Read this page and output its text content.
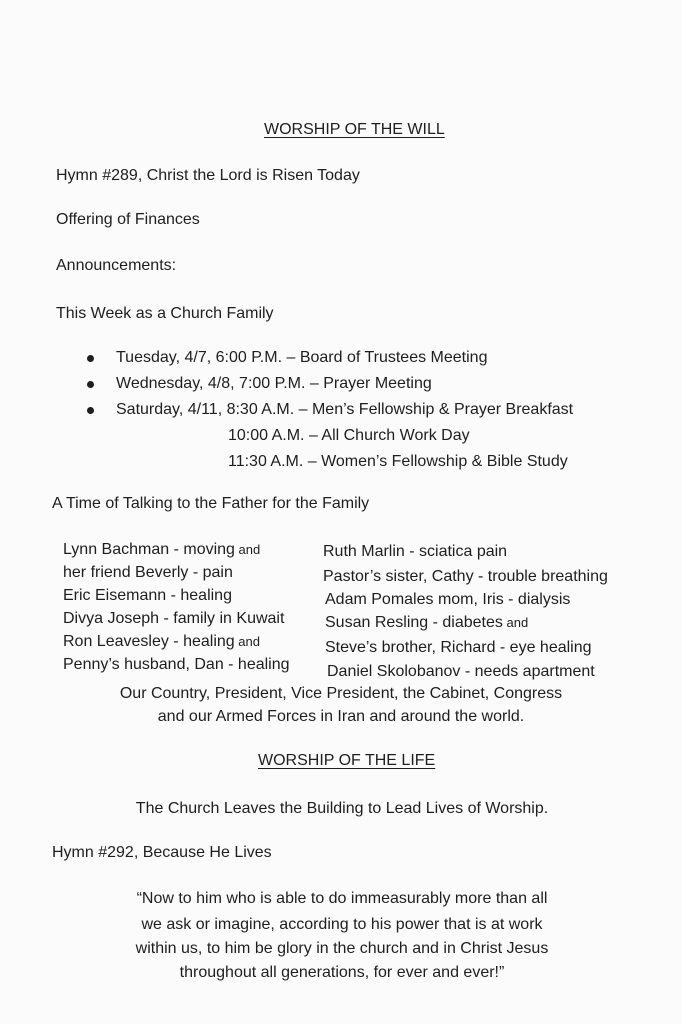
WORSHIP OF THE WILL
Hymn #289, Christ the Lord is Risen Today
Offering of Finances
Announcements:
This Week as a Church Family
Tuesday, 4/7, 6:00 P.M. – Board of Trustees Meeting
Wednesday, 4/8, 7:00 P.M. – Prayer Meeting
Saturday, 4/11, 8:30 A.M. – Men’s Fellowship & Prayer Breakfast
10:00 A.M. – All Church Work Day
11:30 A.M. – Women’s Fellowship & Bible Study
A Time of Talking to the Father for the Family
Lynn Bachman - moving and
her friend Beverly - pain
Eric Eisemann - healing
Divya Joseph - family in Kuwait
Ron Leavesley - healing and
Penny’s husband, Dan - healing
Ruth Marlin - sciatica pain
Pastor’s sister, Cathy - trouble breathing
Adam Pomales mom, Iris - dialysis
Susan Resling - diabetes and
Steve’s brother, Richard - eye healing
Daniel Skolobanov - needs apartment
Our Country, President, Vice President, the Cabinet, Congress
and our Armed Forces in Iran and around the world.
WORSHIP OF THE LIFE
The Church Leaves the Building to Lead Lives of Worship.
Hymn #292, Because He Lives
“Now to him who is able to do immeasurably more than all
we ask or imagine, according to his power that is at work
within us, to him be glory in the church and in Christ Jesus
throughout all generations, for ever and ever!”
